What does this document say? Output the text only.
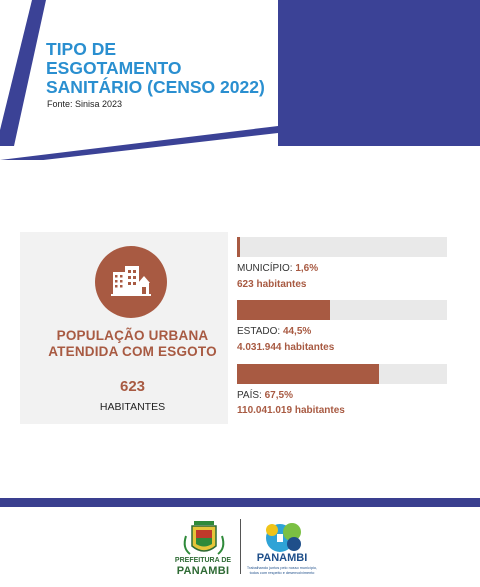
TIPO DE
ESGOTAMENTO
SANITÁRIO (CENSO 2022)
Fonte: Sinisa 2023
POPULAÇÃO URBANA
ATENDIDA COM ESGOTO
623
HABITANTES
MUNICÍPIO: 1,6%
623 habitantes
ESTADO: 44,5%
4.031.944 habitantes
PAÍS: 67,5%
110.041.019 habitantes
PREFEITURA DE
PANAMBI
PANAMBI
Trabalhando juntos pelo nosso município, todos com respeito e desenvolvimento
